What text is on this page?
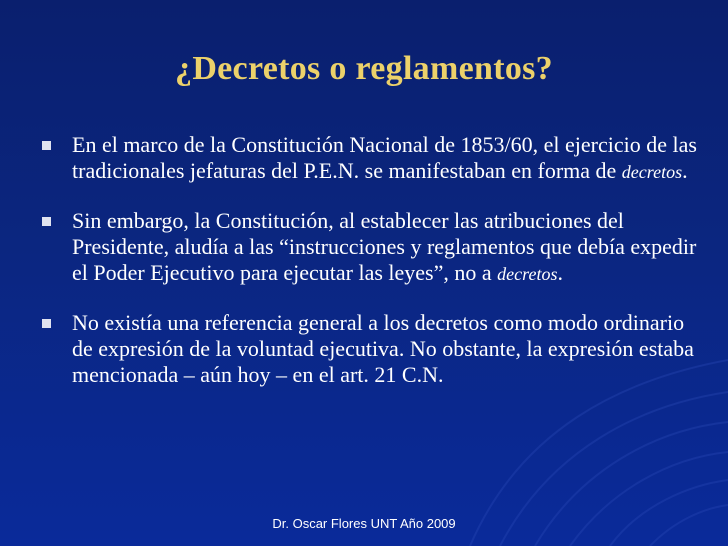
¿Decretos o reglamentos?
En el marco de la Constitución Nacional de 1853/60, el ejercicio de las tradicionales jefaturas del P.E.N. se manifestaban en forma de decretos.
Sin embargo, la Constitución, al establecer las atribuciones del Presidente, aludía a las “instrucciones y reglamentos que debía expedir el Poder Ejecutivo para ejecutar las leyes”, no a decretos.
No existía una referencia general a los decretos como modo ordinario de expresión de la voluntad ejecutiva. No obstante, la expresión estaba mencionada – aún hoy – en el art. 21 C.N.
Dr. Oscar Flores UNT Año 2009
